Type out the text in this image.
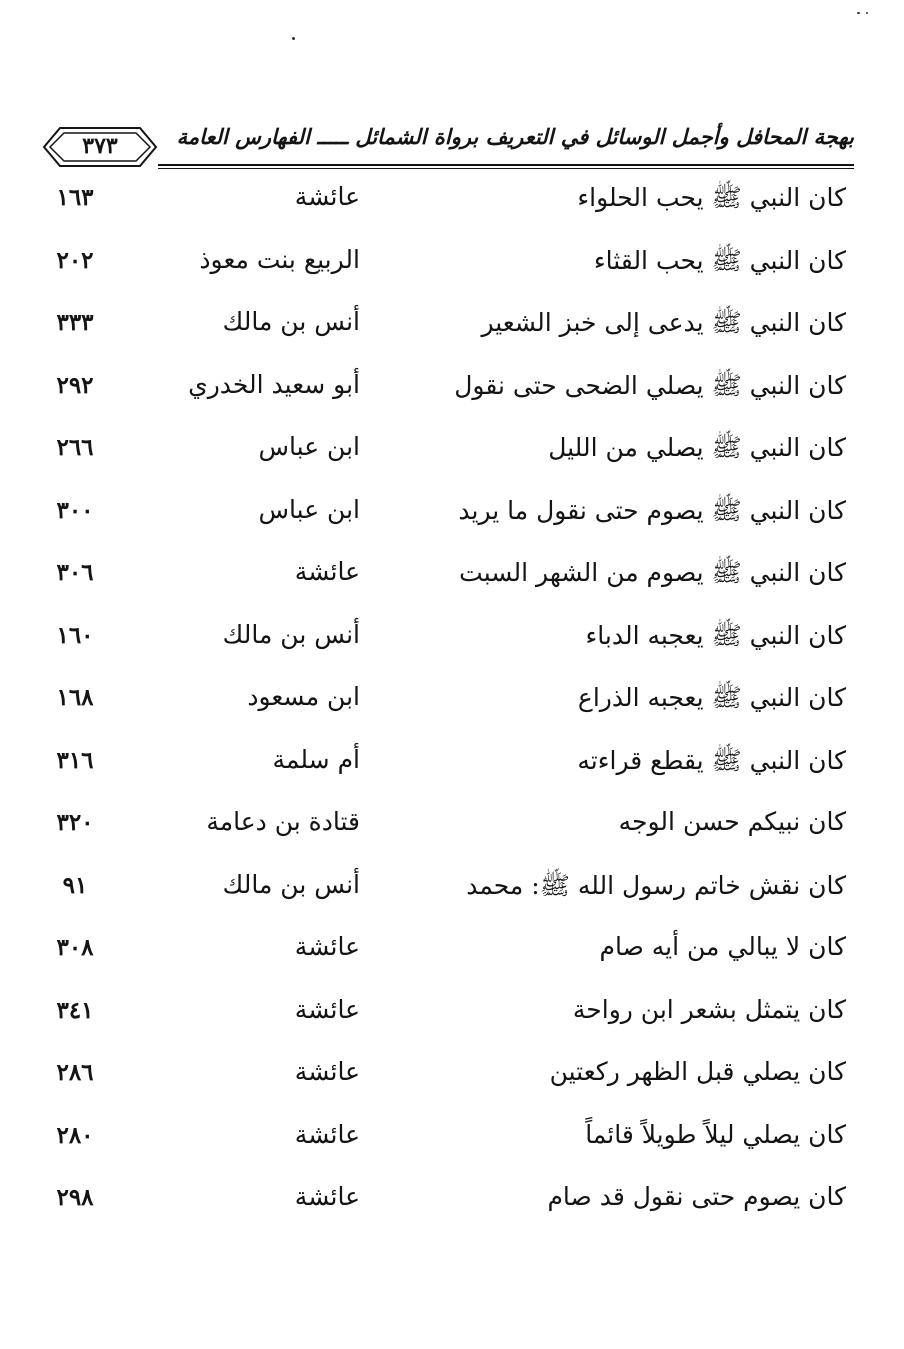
بهجة المحافل وأجمل الوسائل في التعريف برواة الشمائل ـــــ الفهارس العامة
٣٧٣
كان النبي ﷺ يحب الحلواء
عائشة
١٦٣
كان النبي ﷺ يحب القثاء
الربيع بنت معوذ
٢٠٢
كان النبي ﷺ يدعى إلى خبز الشعير
أنس بن مالك
٣٣٣
كان النبي ﷺ يصلي الضحى حتى نقول
أبو سعيد الخدري
٢٩٢
كان النبي ﷺ يصلي من الليل
ابن عباس
٢٦٦
كان النبي ﷺ يصوم حتى نقول ما يريد
ابن عباس
٣٠٠
كان النبي ﷺ يصوم من الشهر السبت
عائشة
٣٠٦
كان النبي ﷺ يعجبه الدباء
أنس بن مالك
١٦٠
كان النبي ﷺ يعجبه الذراع
ابن مسعود
١٦٨
كان النبي ﷺ يقطع قراءته
أم سلمة
٣١٦
كان نبيكم حسن الوجه
قتادة بن دعامة
٣٢٠
كان نقش خاتم رسول الله ﷺ: محمد
أنس بن مالك
٩١
كان لا يبالي من أيه صام
عائشة
٣٠٨
كان يتمثل بشعر ابن رواحة
عائشة
٣٤١
كان يصلي قبل الظهر ركعتين
عائشة
٢٨٦
كان يصلي ليلاً طويلاً قائماً
عائشة
٢٨٠
كان يصوم حتى نقول قد صام
عائشة
٢٩٨
